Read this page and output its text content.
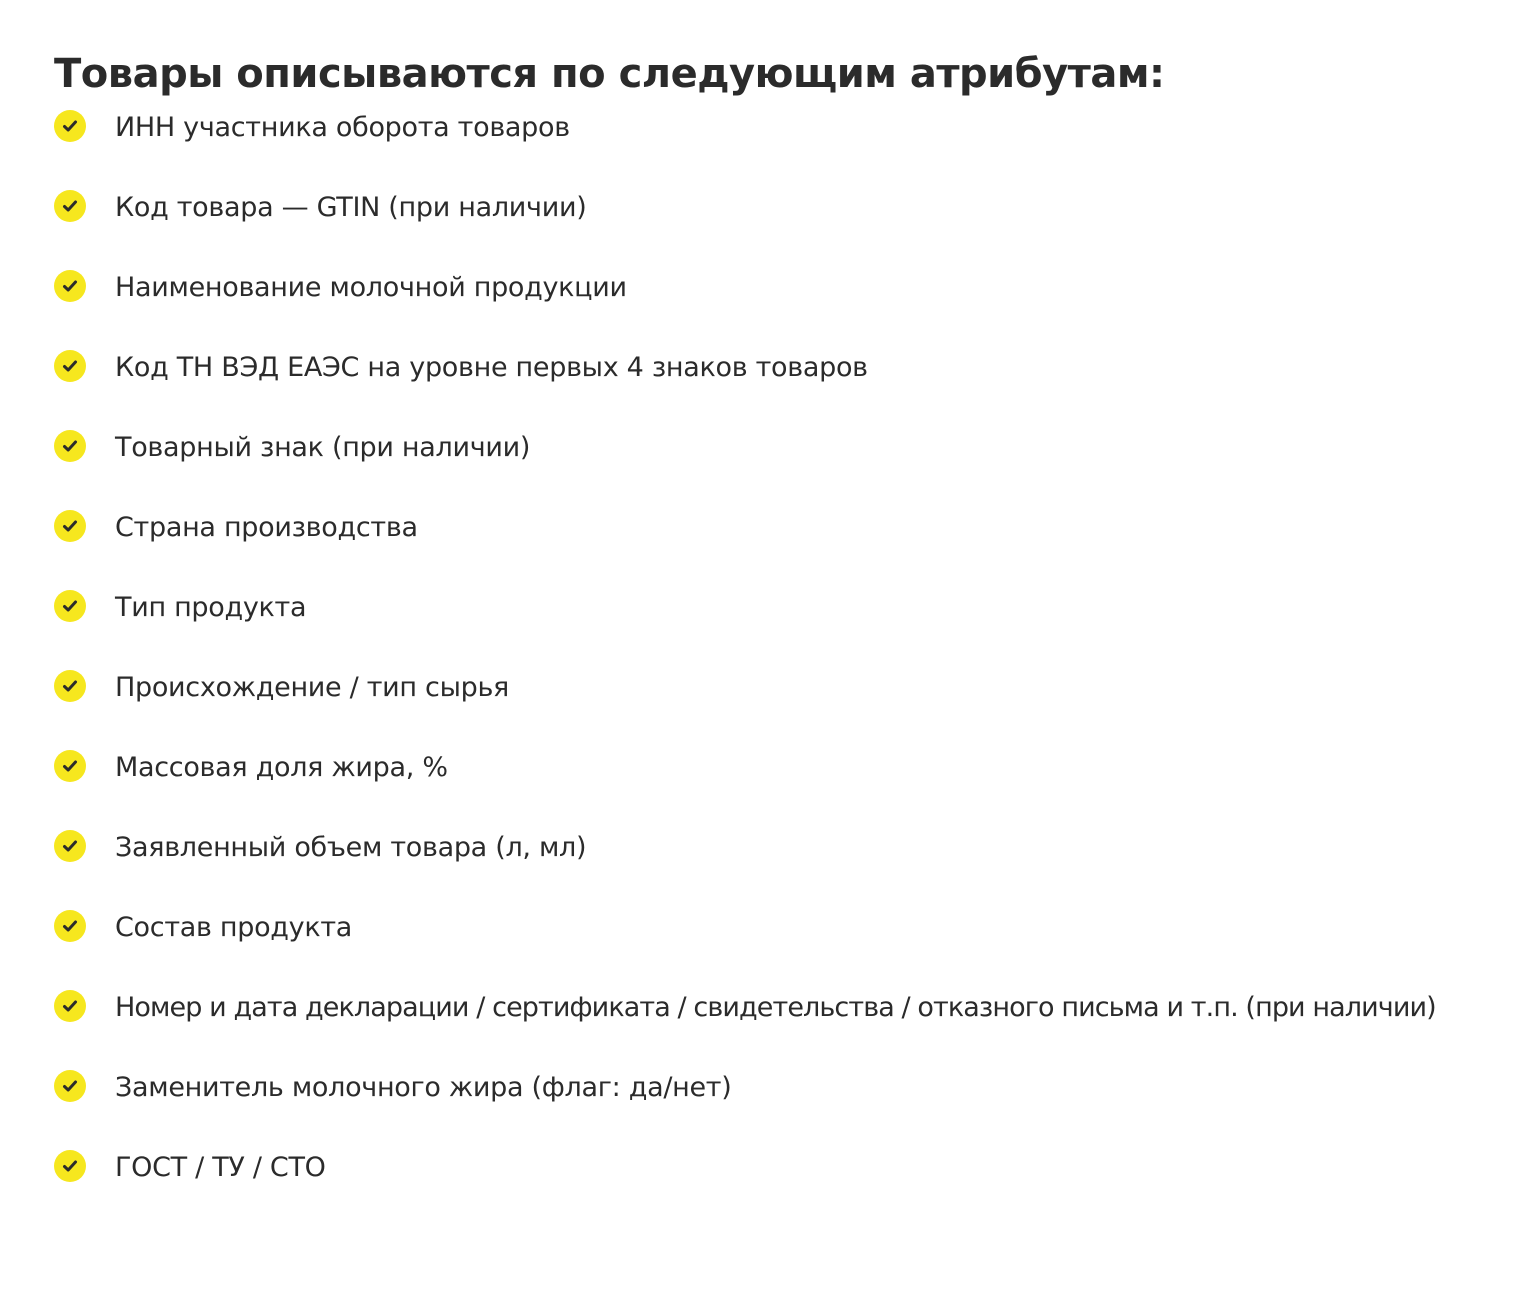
Товары описываются по следующим атрибутам:
ИНН участника оборота товаров
Код товара — GTIN (при наличии)
Наименование молочной продукции
Код ТН ВЭД ЕАЭС на уровне первых 4 знаков товаров
Товарный знак (при наличии)
Страна производства
Тип продукта
Происхождение / тип сырья
Массовая доля жира, %
Заявленный объем товара (л, мл)
Состав продукта
Номер и дата декларации / сертификата / свидетельства / отказного письма и т.п. (при наличии)
Заменитель молочного жира (флаг: да/нет)
ГОСТ / ТУ / СТО
